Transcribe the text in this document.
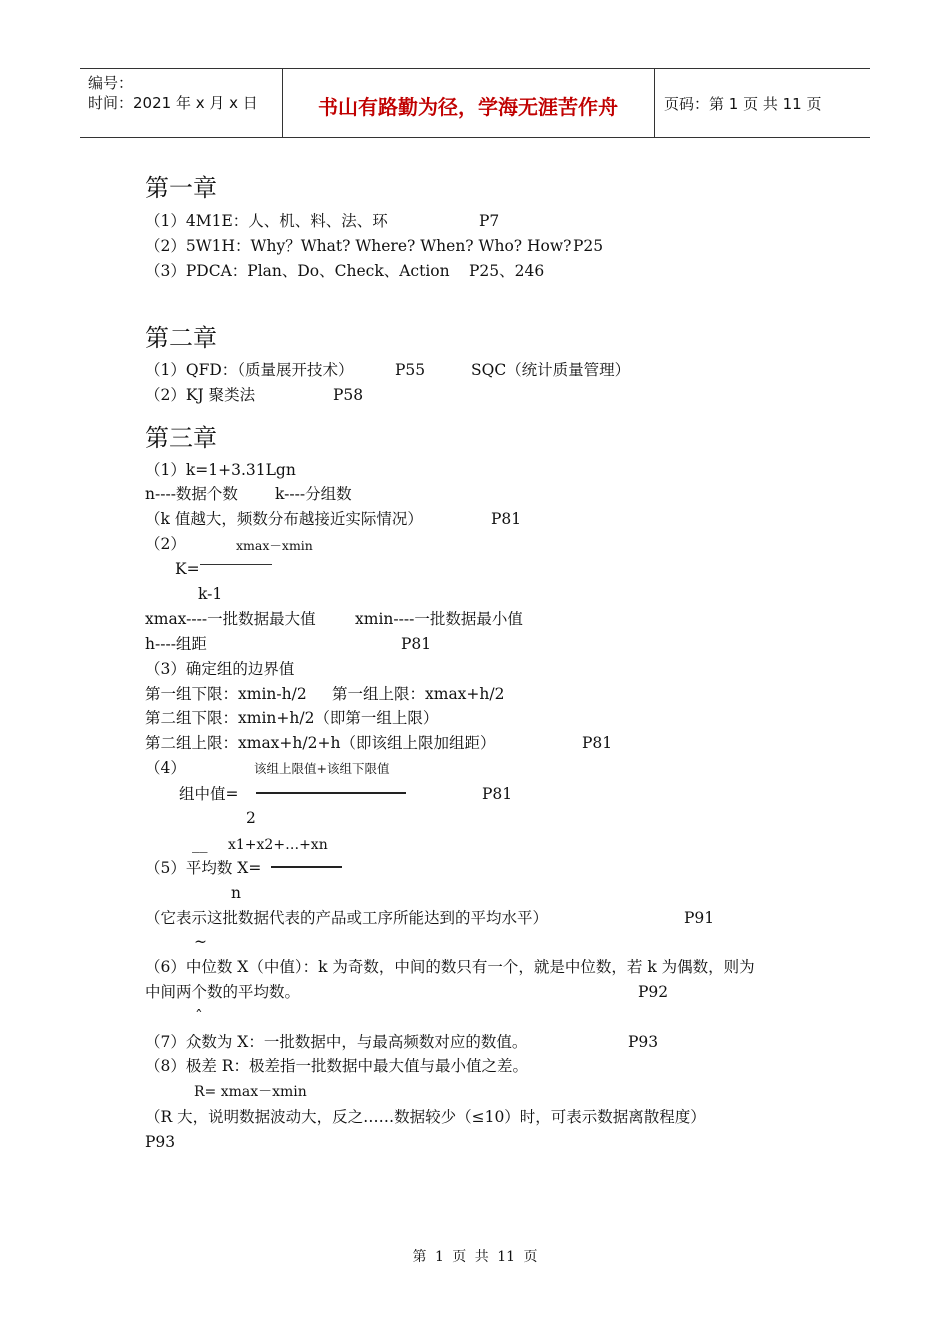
编号：
时间：2021 年 x 月 x 日	书山有路勤为径，学海无涯苦作舟	页码：第 1 页 共 11 页
第一章
（1）4M1E：人、机、料、法、环	P7
（2）5W1H：Why？What? Where? When? Who? How? P25
（3）PDCA：Plan、Do、Check、Action P25、246
第二章
（1）QFD：（质量展开技术）	P55	SQC（统计质量管理）
（2）KJ 聚类法	P58
第三章
（1）k=1+3.31Lgn
n----数据个数 k----分组数
（k 值越大，频数分布越接近实际情况）	P81
（2）	xmax－xmin
K=
k-1
xmax----一批数据最大值	xmin----一批数据最小值
h----组距	P81
（3）确定组的边界值
第一组下限：xmin-h/2 第一组上限：xmax+h/2
第二组下限：xmin+h/2（即第一组上限）
第二组上限：xmax+h/2+h（即该组上限加组距）	P81
（4）	该组上限值+该组下限值
组中值=	P81
2
__ x1+x2+…+xn
（5）平均数 X=
n
（它表示这批数据代表的产品或工序所能达到的平均水平）	P91
~
（6）中位数 X（中值）：k 为奇数，中间的数只有一个，就是中位数，若 k 为偶数，则为
中间两个数的平均数。	P92
ˆ
（7）众数为 X：一批数据中，与最高频数对应的数值。	P93
（8）极差 R：极差指一批数据中最大值与最小值之差。
R= xmax－xmin
（R 大，说明数据波动大，反之……数据较少（≤10）时，可表示数据离散程度）
P93
第 1 页 共 11 页
